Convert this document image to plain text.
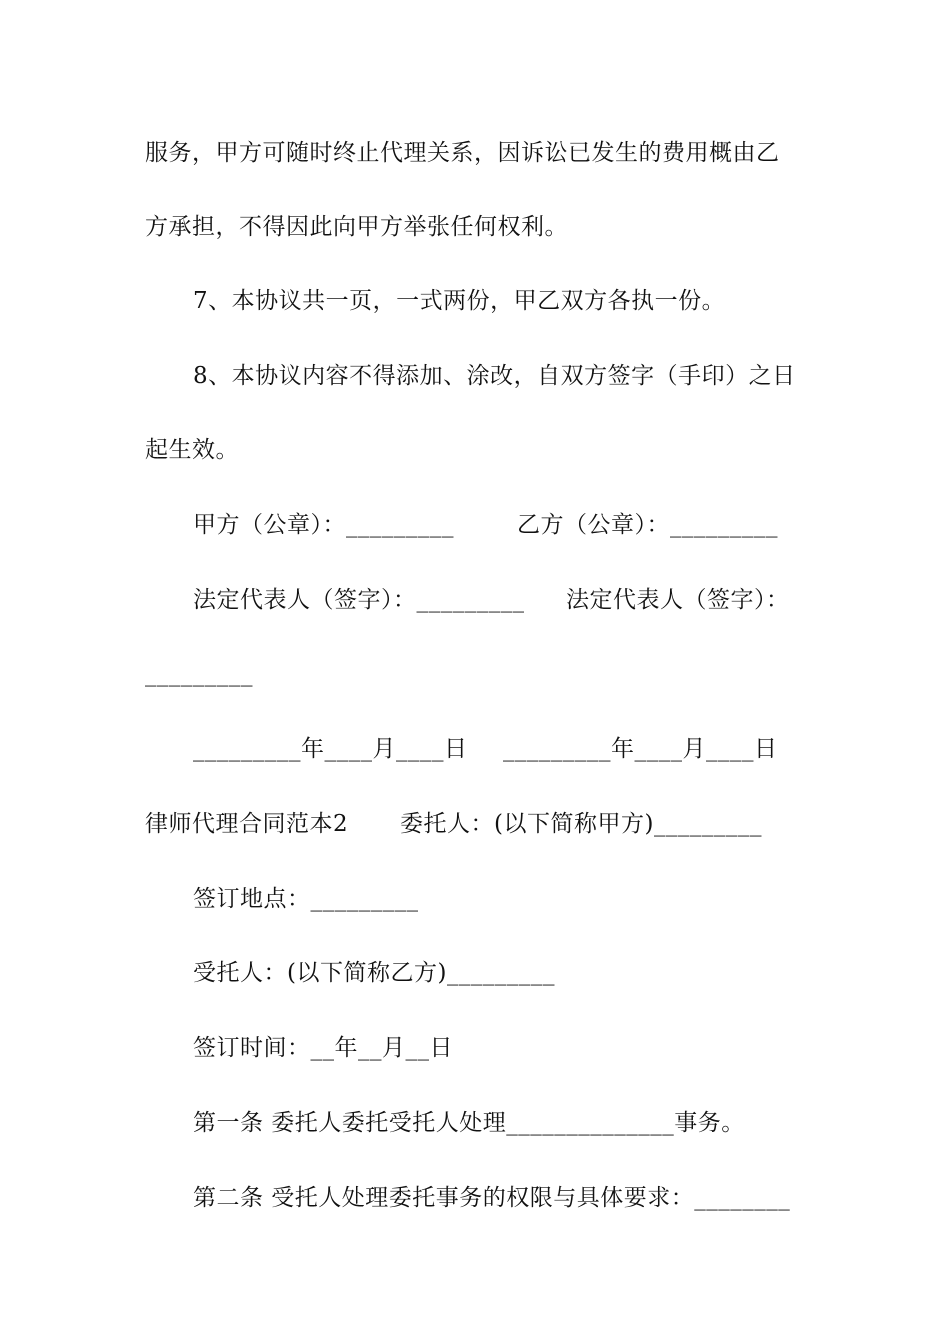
服务，甲方可随时终止代理关系，因诉讼已发生的费用概由乙
方承担，不得因此向甲方举张任何权利。
7、本协议共一页，一式两份，甲乙双方各执一份。
8、本协议内容不得添加、涂改，自双方签字（手印）之日
起生效。
甲方（公章）：_________	乙方（公章）：_________
法定代表人（签字）：_________	法定代表人（签字）：
_________
_________年____月____日	_________年____月____日
律师代理合同范本2	委托人：(以下简称甲方)_________
签订地点：_________
受托人：(以下简称乙方)_________
签订时间：__年__月__日
第一条 委托人委托受托人处理______________事务。
第二条 受托人处理委托事务的权限与具体要求：________
